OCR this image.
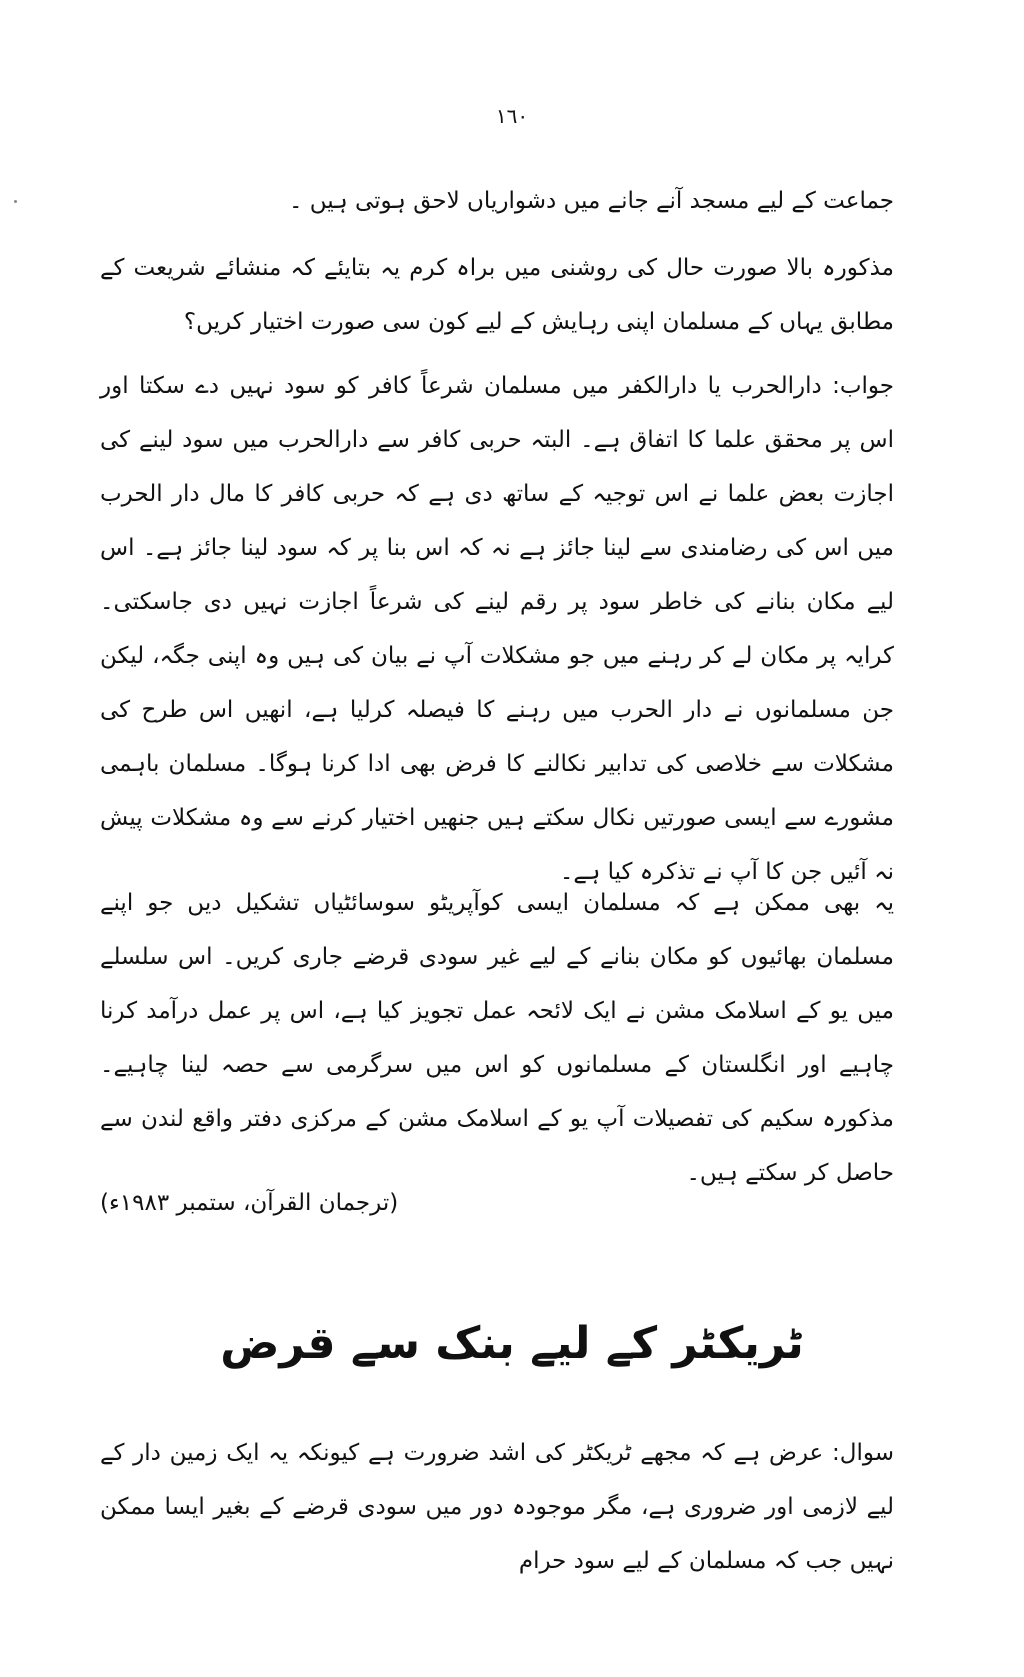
١٦٠
جماعت کے لیے مسجد آنے جانے میں دشواریاں لاحق ہوتی ہیں ۔
مذکورہ بالا صورت حال کی روشنی میں براہ کرم یہ بتایئے کہ منشائے شریعت کے مطابق یہاں کے مسلمان اپنی رہایش کے لیے کون سی صورت اختیار کریں؟
جواب: دارالحرب یا دارالکفر میں مسلمان شرعاً کافر کو سود نہیں دے سکتا اور اس پر محقق علما کا اتفاق ہے۔ البتہ حربی کافر سے دارالحرب میں سود لینے کی اجازت بعض علما نے اس توجیہ کے ساتھ دی ہے کہ حربی کافر کا مال دار الحرب میں اس کی رضامندی سے لینا جائز ہے نہ کہ اس بنا پر کہ سود لینا جائز ہے۔ اس لیے مکان بنانے کی خاطر سود پر رقم لینے کی شرعاً اجازت نہیں دی جاسکتی۔ کرایہ پر مکان لے کر رہنے میں جو مشکلات آپ نے بیان کی ہیں وہ اپنی جگہ، لیکن جن مسلمانوں نے دار الحرب میں رہنے کا فیصلہ کرلیا ہے، انھیں اس طرح کی مشکلات سے خلاصی کی تدابیر نکالنے کا فرض بھی ادا کرنا ہوگا۔ مسلمان باہمی مشورے سے ایسی صورتیں نکال سکتے ہیں جنھیں اختیار کرنے سے وہ مشکلات پیش نہ آئیں جن کا آپ نے تذکرہ کیا ہے۔
یہ بھی ممکن ہے کہ مسلمان ایسی کوآپریٹو سوسائٹیاں تشکیل دیں جو اپنے مسلمان بھائیوں کو مکان بنانے کے لیے غیر سودی قرضے جاری کریں۔ اس سلسلے میں یو کے اسلامک مشن نے ایک لائحہ عمل تجویز کیا ہے، اس پر عمل درآمد کرنا چاہیے اور انگلستان کے مسلمانوں کو اس میں سرگرمی سے حصہ لینا چاہیے۔ مذکورہ سکیم کی تفصیلات آپ یو کے اسلامک مشن کے مرکزی دفتر واقع لندن سے حاصل کر سکتے ہیں۔
(ترجمان القرآن، ستمبر ۱۹۸۳ء)
ٹریکٹر کے لیے بنک سے قرض
سوال: عرض ہے کہ مجھے ٹریکٹر کی اشد ضرورت ہے کیونکہ یہ ایک زمین دار کے لیے لازمی اور ضروری ہے، مگر موجودہ دور میں سودی قرضے کے بغیر ایسا ممکن نہیں جب کہ مسلمان کے لیے سود حرام
